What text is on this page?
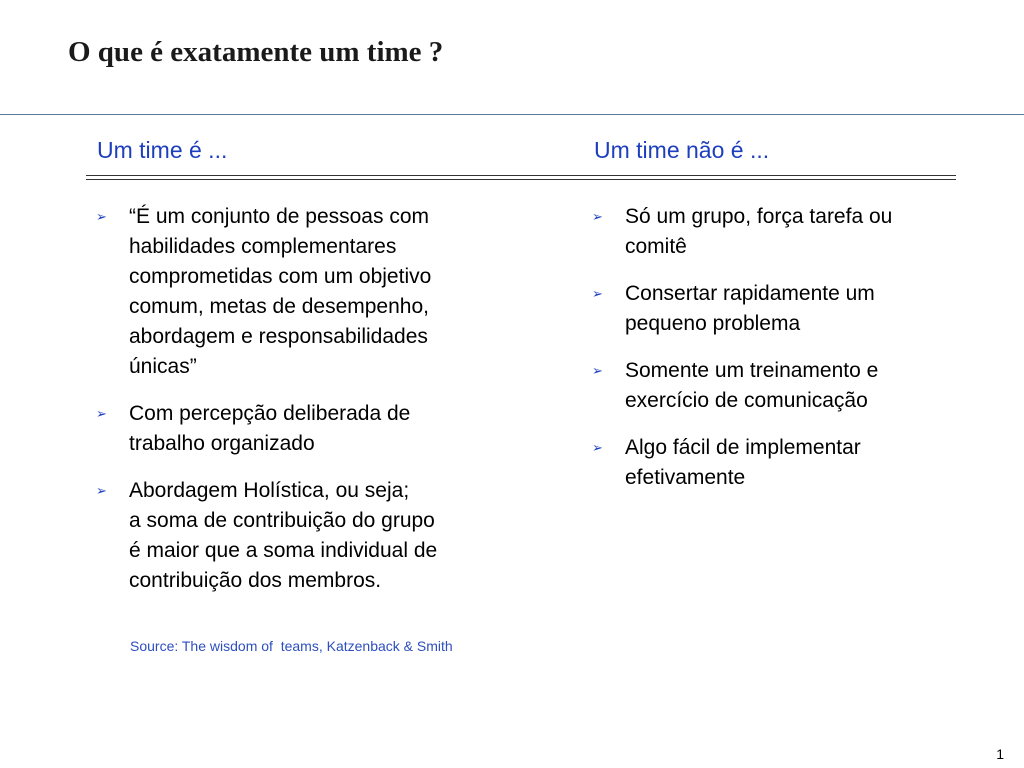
O que é exatamente um time ?
Um time é ...	Um time não é ...
➢ “É um conjunto de pessoas com
habilidades complementares
comprometidas com um objetivo
comum, metas de desempenho,
abordagem e responsabilidades
únicas”
➢ Com percepção deliberada de
trabalho organizado
➢ Abordagem Holística, ou seja;
a soma de contribuição do grupo
é maior que a soma individual de
contribuição dos membros.
➢ Só um grupo, força tarefa ou
comitê
➢ Consertar rapidamente um
pequeno problema
➢ Somente um treinamento e
exercício de comunicação
➢ Algo fácil de implementar
efetivamente
Source: The wisdom of  teams, Katzenback & Smith
1
